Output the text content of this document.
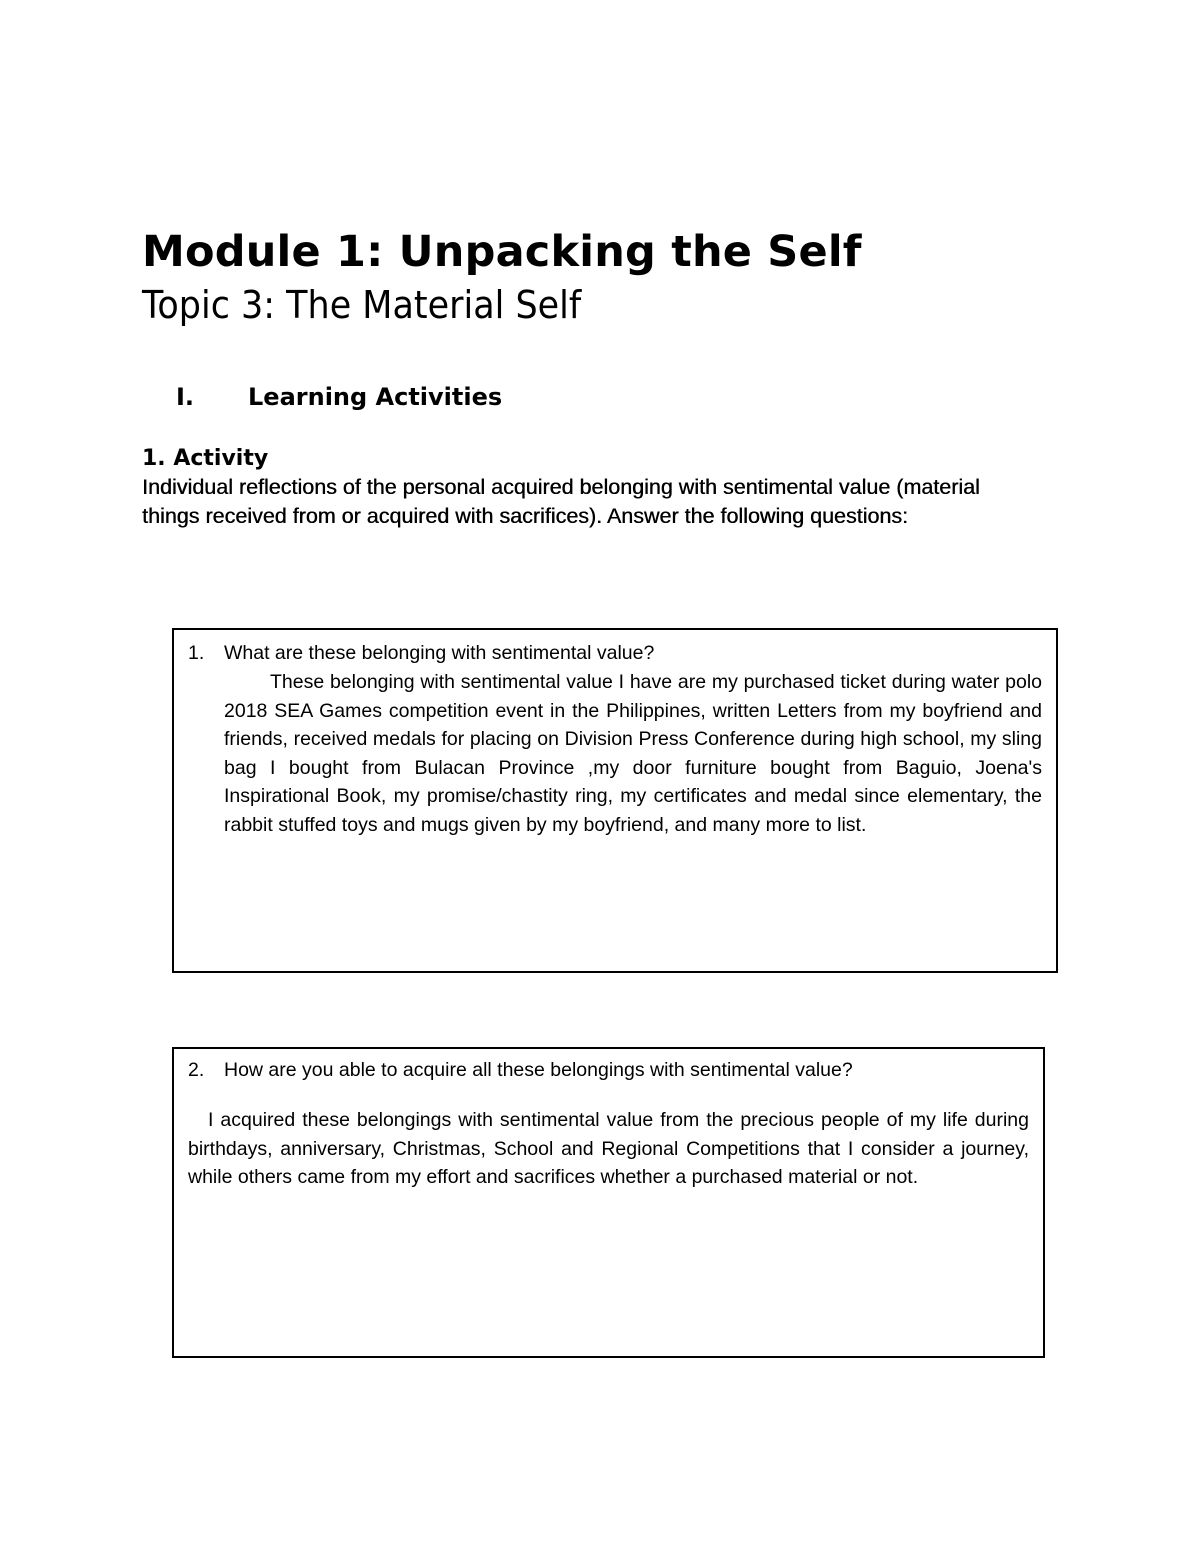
Module 1: Unpacking the Self
Topic 3: The Material Self
I. Learning Activities
1. Activity
Individual reflections of the personal acquired belonging with sentimental value (material things received from or acquired with sacrifices). Answer the following questions:
1. What are these belonging with sentimental value?
These belonging with sentimental value I have are my purchased ticket during water polo 2018 SEA Games competition event in the Philippines, written Letters from my boyfriend and friends, received medals for placing on Division Press Conference during high school, my sling bag I bought from Bulacan Province ,my door furniture bought from Baguio, Joena's Inspirational Book, my promise/chastity ring, my certificates and medal since elementary, the rabbit stuffed toys and mugs given by my boyfriend, and many more to list.
2. How are you able to acquire all these belongings with sentimental value?
I acquired these belongings with sentimental value from the precious people of my life during birthdays, anniversary, Christmas, School and Regional Competitions that I consider a journey, while others came from my effort and sacrifices whether a purchased material or not.
